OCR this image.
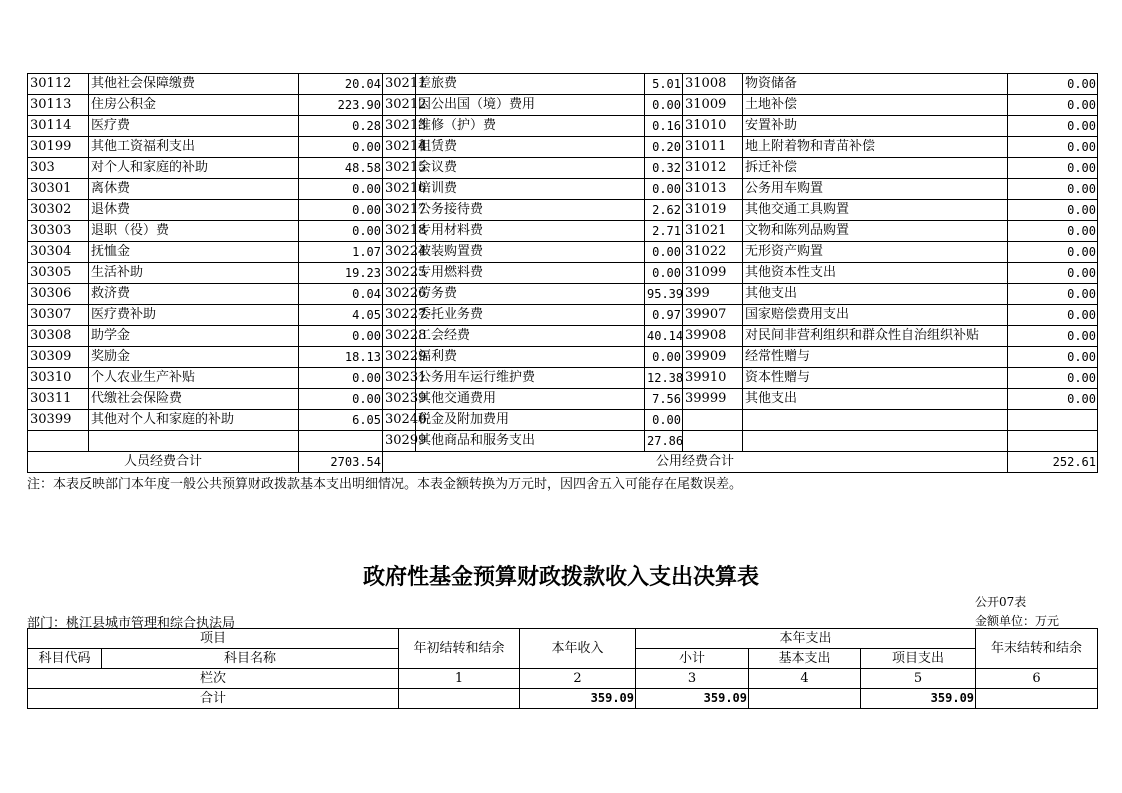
30112	其他社会保障缴费	20.04	30211	差旅费	5.01	31008	物资储备	0.00
30113	住房公积金	223.90	30212	因公出国（境）费用	0.00	31009	土地补偿	0.00
30114	医疗费	0.28	30213	维修（护）费	0.16	31010	安置补助	0.00
30199	其他工资福利支出	0.00	30214	租赁费	0.20	31011	地上附着物和青苗补偿	0.00
303	对个人和家庭的补助	48.58	30215	会议费	0.32	31012	拆迁补偿	0.00
30301	离休费	0.00	30216	培训费	0.00	31013	公务用车购置	0.00
30302	退休费	0.00	30217	公务接待费	2.62	31019	其他交通工具购置	0.00
30303	退职（役）费	0.00	30218	专用材料费	2.71	31021	文物和陈列品购置	0.00
30304	抚恤金	1.07	30224	被装购置费	0.00	31022	无形资产购置	0.00
30305	生活补助	19.23	30225	专用燃料费	0.00	31099	其他资本性支出	0.00
30306	救济费	0.04	30226	劳务费	95.39	399	其他支出	0.00
30307	医疗费补助	4.05	30227	委托业务费	0.97	39907	国家赔偿费用支出	0.00
30308	助学金	0.00	30228	工会经费	40.14	39908	对民间非营利组织和群众性自治组织补贴	0.00
30309	奖励金	18.13	30229	福利费	0.00	39909	经常性赠与	0.00
30310	个人农业生产补贴	0.00	30231	公务用车运行维护费	12.38	39910	资本性赠与	0.00
30311	代缴社会保险费	0.00	30239	其他交通费用	7.56	39999	其他支出	0.00
30399	其他对个人和家庭的补助	6.05	30240	税金及附加费用	0.00			
			30299	其他商品和服务支出	27.86			
人员经费合计		2703.54	公用经费合计					252.61
注：本表反映部门本年度一般公共预算财政拨款基本支出明细情况。本表金额转换为万元时，因四舍五入可能存在尾数误差。
政府性基金预算财政拨款收入支出决算表
公开07表
部门：桃江县城市管理和综合执法局	金额单位：万元
项目		年初结转和结余	本年收入	本年支出			年末结转和结余
科目代码	科目名称			小计	基本支出	项目支出	
栏次		1	2	3	4	5	6
合计			359.09	359.09		359.09	
